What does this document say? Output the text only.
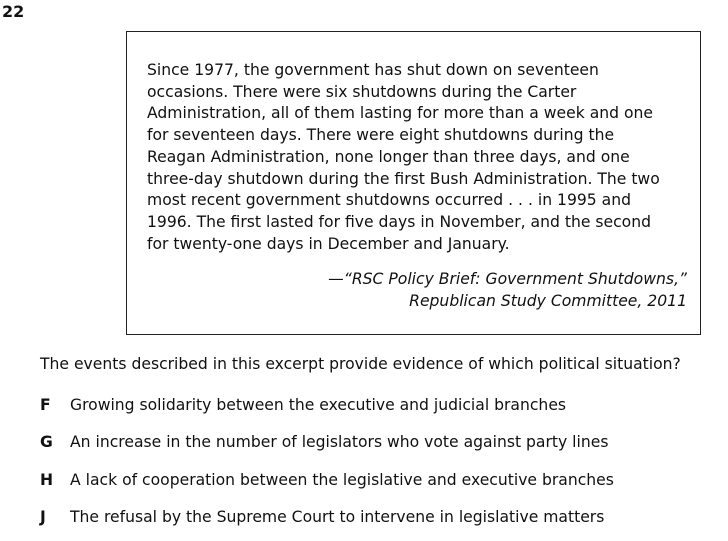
22
Since 1977, the government has shut down on seventeen
occasions. There were six shutdowns during the Carter
Administration, all of them lasting for more than a week and one
for seventeen days. There were eight shutdowns during the
Reagan Administration, none longer than three days, and one
three-day shutdown during the first Bush Administration. The two
most recent government shutdowns occurred . . . in 1995 and
1996. The first lasted for five days in November, and the second
for twenty-one days in December and January.
—“RSC Policy Brief: Government Shutdowns,”
Republican Study Committee, 2011
The events described in this excerpt provide evidence of which political situation?
F Growing solidarity between the executive and judicial branches
G An increase in the number of legislators who vote against party lines
H A lack of cooperation between the legislative and executive branches
J The refusal by the Supreme Court to intervene in legislative matters
